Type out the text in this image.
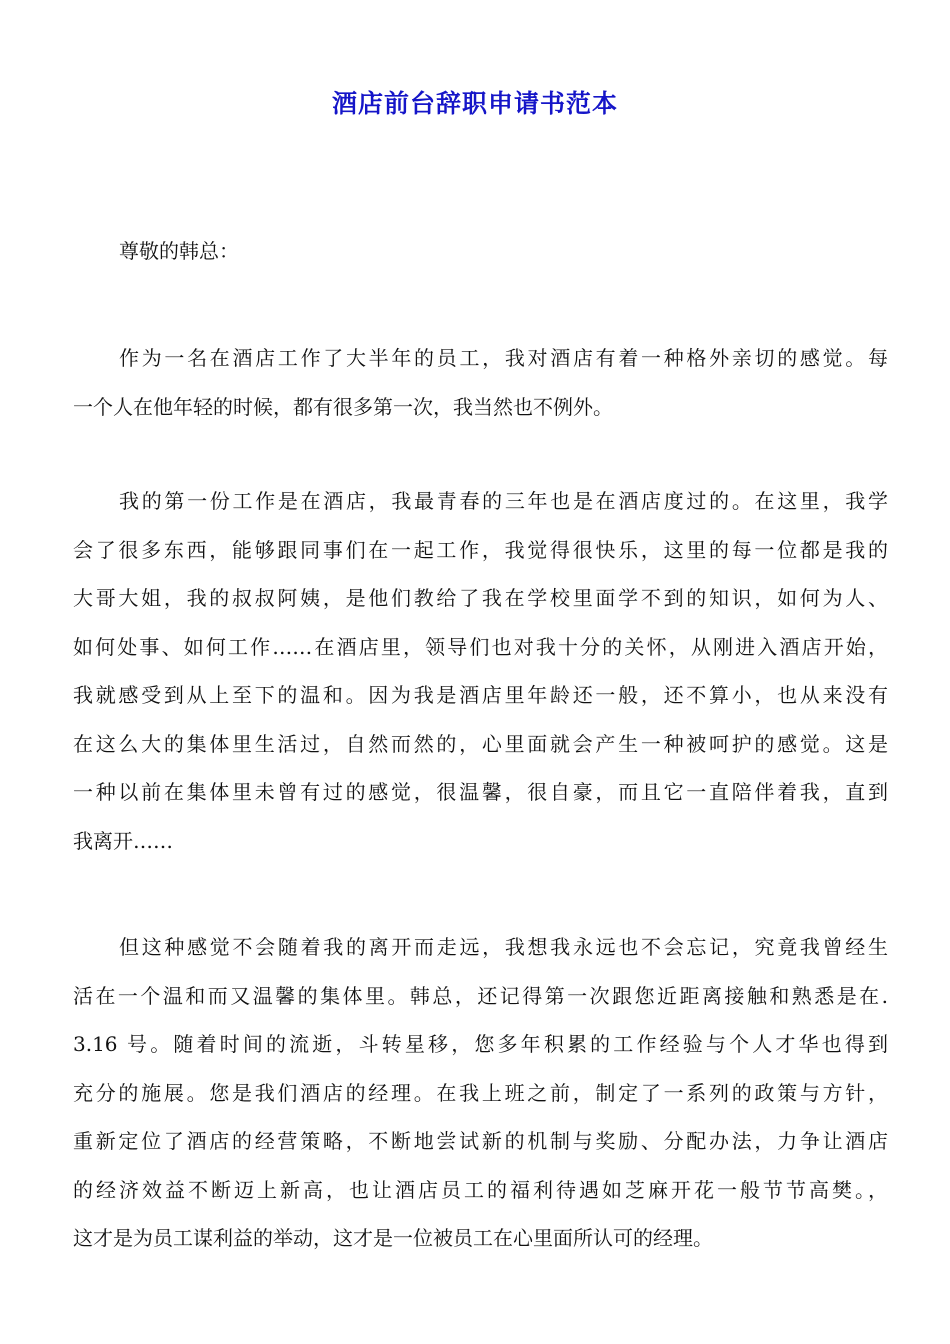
酒店前台辞职申请书范本

尊敬的韩总：

作为一名在酒店工作了大半年的员工，我对酒店有着一种格外亲切的感觉。每
一个人在他年轻的时候，都有很多第一次，我当然也不例外。
我的第一份工作是在酒店，我最青春的三年也是在酒店度过的。在这里，我学
会了很多东西，能够跟同事们在一起工作，我觉得很快乐，这里的每一位都是我的
大哥大姐，我的叔叔阿姨，是他们教给了我在学校里面学不到的知识，如何为人、
如何处事、如何工作……在酒店里，领导们也对我十分的关怀，从刚进入酒店开始，
我就感受到从上至下的温和。因为我是酒店里年龄还一般，还不算小，也从来没有
在这么大的集体里生活过，自然而然的，心里面就会产生一种被呵护的感觉。这是
一种以前在集体里未曾有过的感觉，很温馨，很自豪，而且它一直陪伴着我，直到
我离开……
但这种感觉不会随着我的离开而走远，我想我永远也不会忘记，究竟我曾经生
活在一个温和而又温馨的集体里。韩总，还记得第一次跟您近距离接触和熟悉是在.
3.16 号。随着时间的流逝，斗转星移，您多年积累的工作经验与个人才华也得到
充分的施展。您是我们酒店的经理。在我上班之前，制定了一系列的政策与方针，
重新定位了酒店的经营策略，不断地尝试新的机制与奖励、分配办法，力争让酒店
的经济效益不断迈上新高，也让酒店员工的福利待遇如芝麻开花一般节节高樊。，
这才是为员工谋利益的举动，这才是一位被员工在心里面所认可的经理。
